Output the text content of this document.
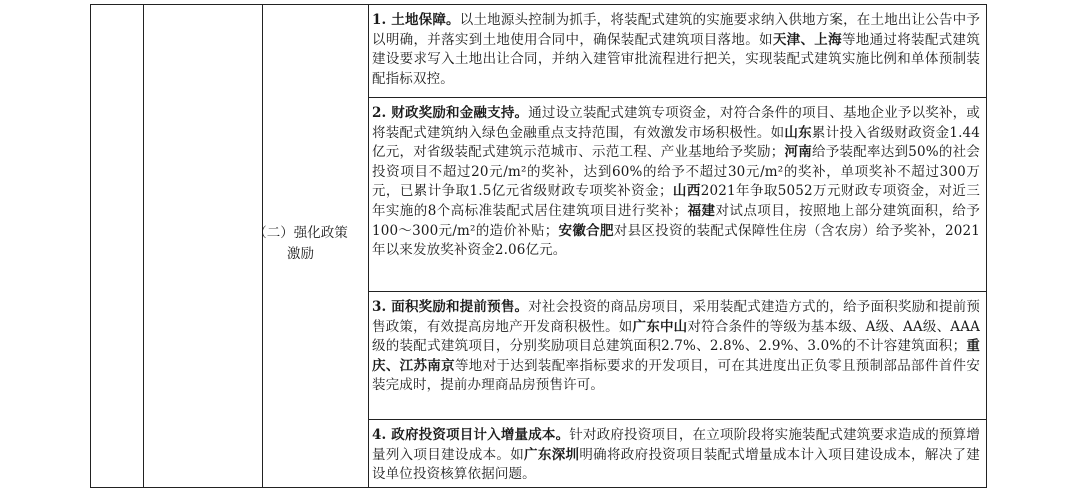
（二）强化政策
激励
1. 土地保障。以土地源头控制为抓手，将装配式建筑的实施要求纳入供地方案，在土地出让公告中予以明确，并落实到土地使用合同中，确保装配式建筑项目落地。如天津、上海等地通过将装配式建筑建设要求写入土地出让合同，并纳入建管审批流程进行把关，实现装配式建筑实施比例和单体预制装配指标双控。
2. 财政奖励和金融支持。通过设立装配式建筑专项资金，对符合条件的项目、基地企业予以奖补，或将装配式建筑纳入绿色金融重点支持范围，有效激发市场积极性。如山东累计投入省级财政资金1.44亿元，对省级装配式建筑示范城市、示范工程、产业基地给予奖励；河南给予装配率达到50%的社会投资项目不超过20元/m²的奖补，达到60%的给予不超过30元/m²的奖补，单项奖补不超过300万元，已累计争取1.5亿元省级财政专项奖补资金；山西2021年争取5052万元财政专项资金，对近三年实施的8个高标准装配式居住建筑项目进行奖补；福建对试点项目，按照地上部分建筑面积，给予100～300元/m²的造价补贴；安徽合肥对县区投资的装配式保障性住房（含农房）给予奖补，2021年以来发放奖补资金2.06亿元。
3. 面积奖励和提前预售。对社会投资的商品房项目，采用装配式建造方式的，给予面积奖励和提前预售政策，有效提高房地产开发商积极性。如广东中山对符合条件的等级为基本级、A级、AA级、AAA级的装配式建筑项目，分别奖励项目总建筑面积2.7%、2.8%、2.9%、3.0%的不计容建筑面积；重庆、江苏南京等地对于达到装配率指标要求的开发项目，可在其进度出正负零且预制部品部件首件安装完成时，提前办理商品房预售许可。
4. 政府投资项目计入增量成本。针对政府投资项目，在立项阶段将实施装配式建筑要求造成的预算增量列入项目建设成本。如广东深圳明确将政府投资项目装配式增量成本计入项目建设成本，解决了建设单位投资核算依据问题。
